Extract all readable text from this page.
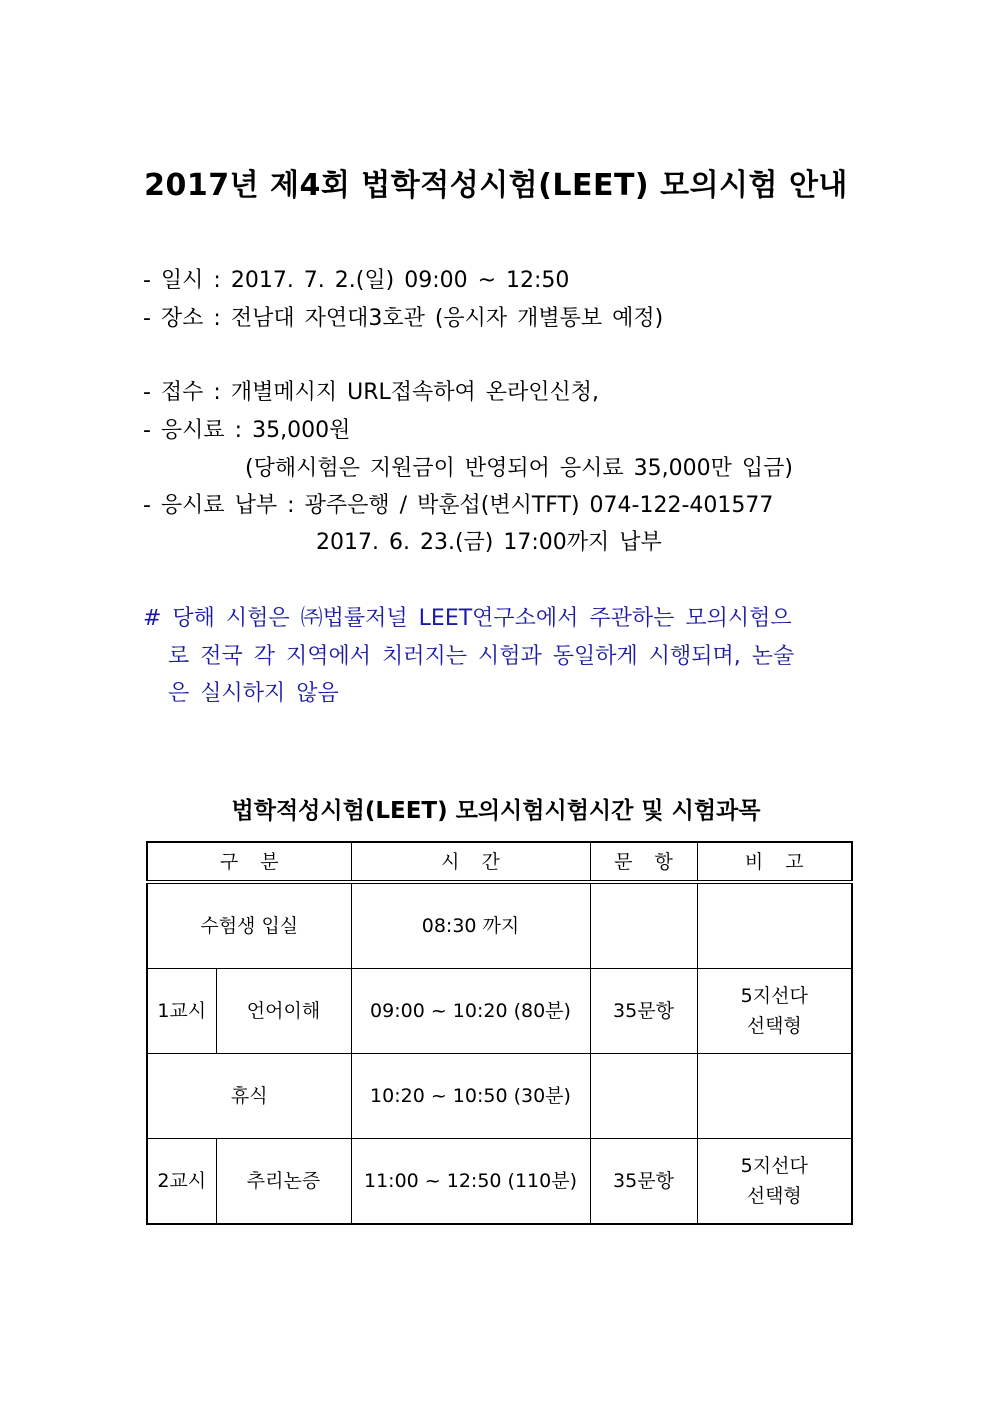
2017년 제4회 법학적성시험(LEET) 모의시험 안내
- 일시 : 2017. 7. 2.(일) 09:00 ~ 12:50
- 장소 : 전남대 자연대3호관 (응시자 개별통보 예정)
- 접수 : 개별메시지 URL접속하여 온라인신청,
- 응시료 : 35,000원
(당해시험은 지원금이 반영되어 응시료 35,000만 입금)
- 응시료 납부 : 광주은행 / 박훈섭(변시TFT) 074-122-401577
2017. 6. 23.(금) 17:00까지 납부
# 당해 시험은 ㈜법률저널 LEET연구소에서 주관하는 모의시험으
로 전국 각 지역에서 치러지는 시험과 동일하게 시행되며, 논술
은 실시하지 않음
법학적성시험(LEET) 모의시험시험시간 및 시험과목
구분		시간	문항	비고
수험생 입실		08:30 까지		
1교시	언어이해	09:00 ~ 10:20 (80분)	35문항	5지선다
선택형

휴식		10:20 ~ 10:50 (30분)		
2교시	추리논증	11:00 ~ 12:50 (110분)	35문항	5지선다
선택형
